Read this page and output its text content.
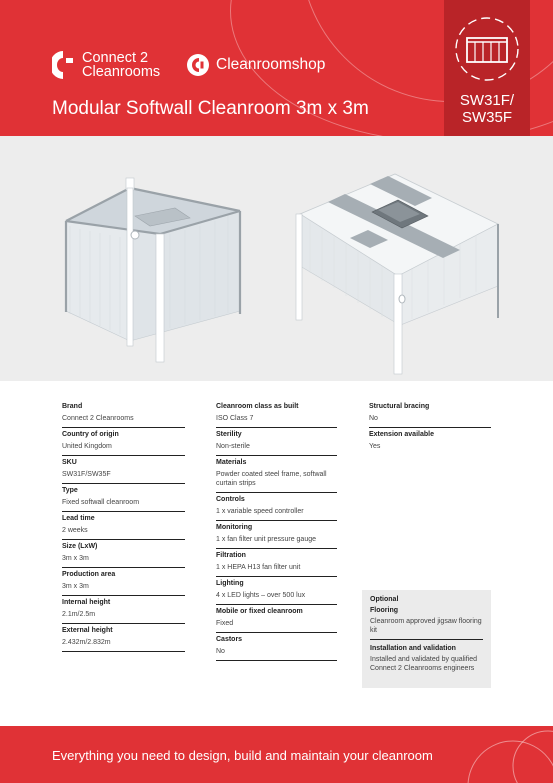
Connect 2
Cleanrooms	Cleanroomshop
Modular Softwall Cleanroom 3m x 3m	SW31F/
SW35F
Brand
Connect 2 Cleanrooms
Country of origin
United Kingdom
SKU
SW31F/SW35F
Type
Fixed softwall cleanroom
Lead time
2 weeks
Size (LxW)
3m x 3m
Production area
3m x 3m
Internal height
2.1m/2.5m
External height
2.432m/2.832m
Cleanroom class as built
ISO Class 7
Sterility
Non-sterile
Materials
Powder coated steel frame, softwall curtain strips
Controls
1 x variable speed controller
Monitoring
1 x fan filter unit pressure gauge
Filtration
1 x HEPA H13 fan filter unit
Lighting
4 x LED lights – over 500 lux
Mobile or fixed cleanroom
Fixed
Castors
No
Structural bracing
No
Extension available
Yes
Optional
Flooring
Cleanroom approved jigsaw flooring kit
Installation and validation
Installed and validated by qualified Connect 2 Cleanrooms engineers
Everything you need to design, build and maintain your cleanroom
